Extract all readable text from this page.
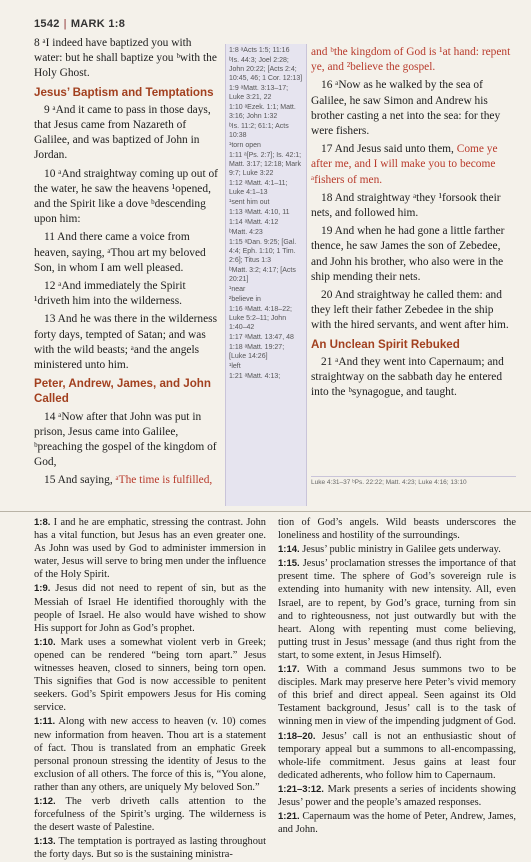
1542 | MARK 1:8

8 ᵃI indeed have baptized you with water: but he shall baptize you ᵇwith the Holy Ghost.

Jesus’ Baptism and Temptations

9 ᵃAnd it came to pass in those days, that Jesus came from Nazareth of Galilee, and was baptized of John in Jordan.

10 ᵃAnd straightway coming up out of the water, he saw the heavens ¹opened, and the Spirit like a dove ᵇdescending upon him:

11 And there came a voice from heaven, saying, ᵃThou art my beloved Son, in whom I am well pleased.

12 ᵃAnd immediately the Spirit ¹driveth him into the wilderness.

13 And he was there in the wilderness forty days, tempted of Satan; and was with the wild beasts; ᵃand the angels ministered unto him.

Peter, Andrew, James, and John Called

14 ᵃNow after that John was put in prison, Jesus came into Galilee, ᵇpreaching the gospel of the kingdom of God,

15 And saying, ᵃThe time is fulfilled,

1:8 ᵃActs 1:5; 11:16
ᵇIs. 44:3; Joel 2:28; John 20:22; [Acts 2:4; 10:45, 46; 1 Cor. 12:13]
1:9 ᵃMatt. 3:13–17; Luke 3:21, 22
1:10 ᵃEzek. 1:1; Matt. 3:16; John 1:32
ᵇIs. 11:2; 61:1; Acts 10:38
¹torn open
1:11 ᵃ[Ps. 2:7]; Is. 42:1; Matt. 3:17; 12:18; Mark 9:7; Luke 3:22
1:12 ᵃMatt. 4:1–11; Luke 4:1–13
¹sent him out
1:13 ᵃMatt. 4:10, 11
1:14 ᵃMatt. 4:12
ᵇMatt. 4:23
1:15 ᵃDan. 9:25; [Gal. 4:4; Eph. 1:10; 1 Tim. 2:6]; Titus 1:3
ᵇMatt. 3:2; 4:17; [Acts 20:21]
¹near
²believe in
1:16 ᵃMatt. 4:18–22; Luke 5:2–11; John 1:40–42
1:17 ᵃMatt. 13:47, 48
1:18 ᵃMatt. 19:27; [Luke 14:26]
¹left
1:21 ᵃMatt. 4:13;

and ᵇthe kingdom of God is ¹at hand: repent ye, and ²believe the gospel.

16 ᵃNow as he walked by the sea of Galilee, he saw Simon and Andrew his brother casting a net into the sea: for they were fishers.

17 And Jesus said unto them, Come ye after me, and I will make you to become ᵃfishers of men.

18 And straightway ᵃthey ¹forsook their nets, and followed him.

19 And when he had gone a little farther thence, he saw James the son of Zebedee, and John his brother, who also were in the ship mending their nets.

20 And straightway he called them: and they left their father Zebedee in the ship with the hired servants, and went after him.

An Unclean Spirit Rebuked

21 ᵃAnd they went into Capernaum; and straightway on the sabbath day he entered into the ᵇsynagogue, and taught.

Luke 4:31–37 ᵇPs. 22:22; Matt. 4:23; Luke 4:16; 13:10
1:8. I and he are emphatic, stressing the contrast. John has a vital function, but Jesus has an even greater one. As John was used by God to administer immersion in water, Jesus will serve to bring men under the influence of the Holy Spirit.
1:9. Jesus did not need to repent of sin, but as the Messiah of Israel He identified thoroughly with the people of Israel. He also would have wished to show His support for John as God’s prophet.
1:10. Mark uses a somewhat violent verb in Greek; opened can be rendered “being torn apart.” Jesus witnesses heaven, closed to sinners, being torn open. This signifies that God is now accessible to penitent seekers. God’s Spirit empowers Jesus for His coming service.
1:11. Along with new access to heaven (v. 10) comes new information from heaven. Thou art is a statement of fact. Thou is translated from an emphatic Greek personal pronoun stressing the identity of Jesus to the exclusion of all others. The force of this is, “You alone, rather than any others, are uniquely My beloved Son.”
1:12. The verb driveth calls attention to the forcefulness of the Spirit’s urging. The wilderness is the desert waste of Palestine.
1:13. The temptation is portrayed as lasting throughout the forty days. But so is the sustaining ministra-
tion of God’s angels. Wild beasts underscores the loneliness and hostility of the surroundings.
1:14. Jesus’ public ministry in Galilee gets underway.
1:15. Jesus’ proclamation stresses the importance of that present time. The sphere of God’s sovereign rule is extending into humanity with new intensity. All, even Israel, are to repent, by God’s grace, turning from sin and to righteousness, not just outwardly but with the heart. Along with repenting must come believing, putting trust in Jesus’ message (and thus right from the start, to some extent, in Jesus Himself).
1:17. With a command Jesus summons two to be disciples. Mark may preserve here Peter’s vivid memory of this brief and direct appeal. Seen against its Old Testament background, Jesus’ call is to the task of winning men in view of the impending judgment of God.
1:18–20. Jesus’ call is not an enthusiastic shout of temporary appeal but a summons to all-encompassing, whole-life commitment. Jesus gains at least four dedicated adherents, who follow him to Capernaum.
1:21–3:12. Mark presents a series of incidents showing Jesus’ power and the people’s amazed responses.
1:21. Capernaum was the home of Peter, Andrew, James, and John.
